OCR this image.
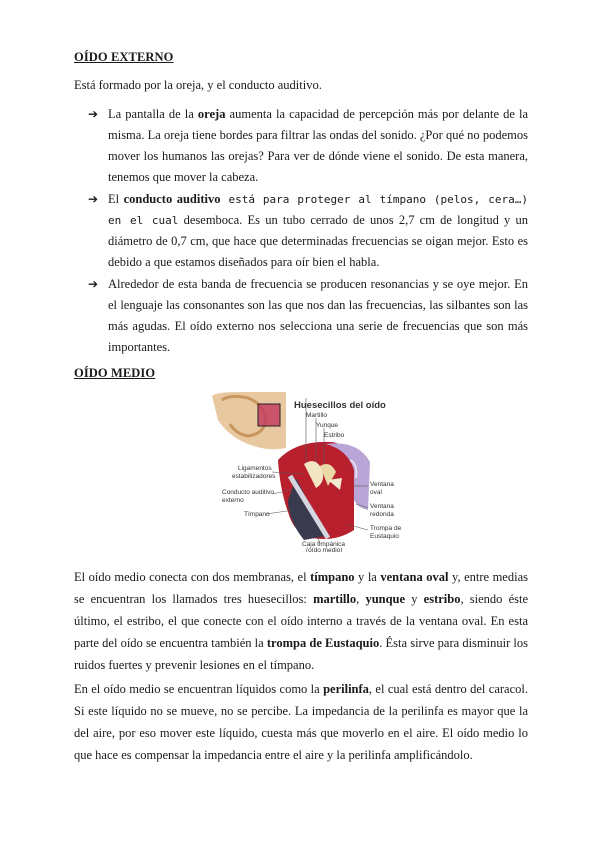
OÍDO EXTERNO

Está formado por la oreja, y el conducto auditivo.

➔ La pantalla de la oreja aumenta la capacidad de percepción más por delante de la misma. La oreja tiene bordes para filtrar las ondas del sonido. ¿Por qué no podemos mover los humanos las orejas? Para ver de dónde viene el sonido. De esta manera, tenemos que mover la cabeza.
➔ El conducto auditivo está para proteger al tímpano (pelos, cera…) en el cual desemboca. Es un tubo cerrado de unos 2,7 cm de longitud y un diámetro de 0,7 cm, que hace que determinadas frecuencias se oigan mejor. Esto es debido a que estamos diseñados para oír bien el habla.
➔ Alrededor de esta banda de frecuencia se producen resonancias y se oye mejor. En el lenguaje las consonantes son las que nos dan las frecuencias, las silbantes son las más agudas. El oído externo nos selecciona una serie de frecuencias que son más importantes.
OÍDO MEDIO
Huesecillos del oído
Martillo
Yunque
Estribo
Ligamentos
estabilizadores
Conducto auditivo
externo
Tímpano
Ventana
oval
Ventana
redonda
Trompa de
Eustaquio
Caja timpánica
(oído medio)

El oído medio conecta con dos membranas, el tímpano y la ventana oval y, entre medias se encuentran los llamados tres huesecillos: martillo, yunque y estribo, siendo éste último, el estribo, el que conecte con el oído interno a través de la ventana oval. En esta parte del oído se encuentra también la trompa de Eustaquio. Ésta sirve para disminuir los ruidos fuertes y prevenir lesiones en el tímpano.

En el oído medio se encuentran líquidos como la perilinfa, el cual está dentro del caracol. Si este líquido no se mueve, no se percibe. La impedancia de la perilinfa es mayor que la del aire, por eso mover este líquido, cuesta más que moverlo en el aire. El oído medio lo que hace es compensar la impedancia entre el aire y la perilinfa amplificándolo.
